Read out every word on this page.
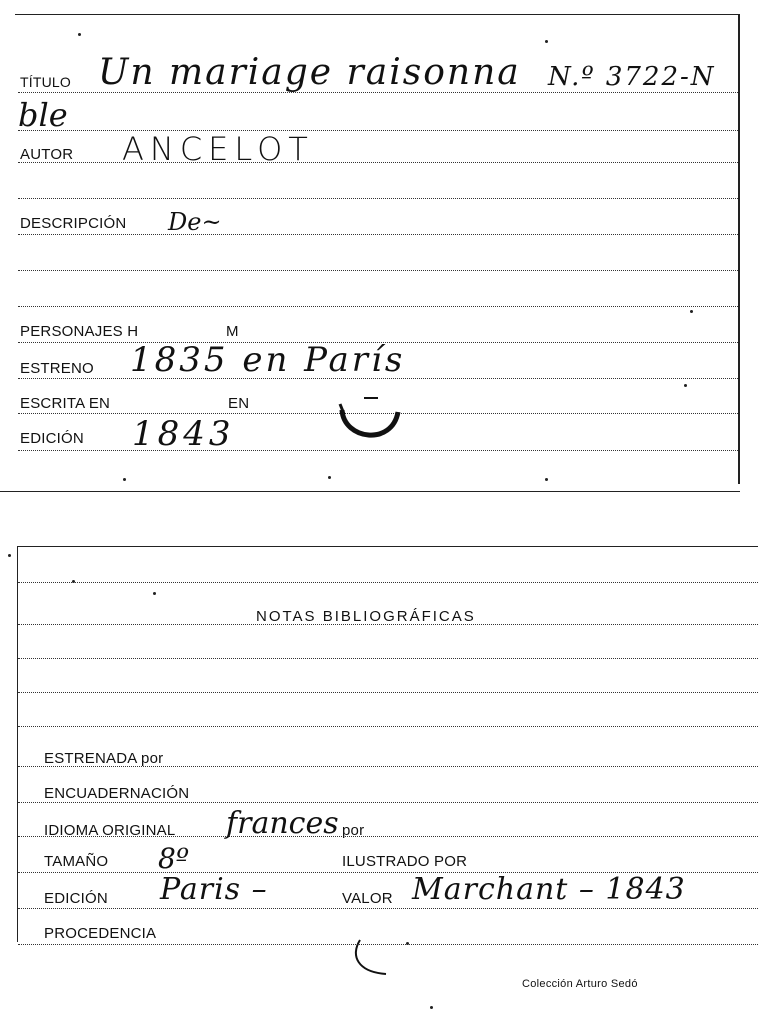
TÍTULO Un mariage raisonna N.º 3722-N
ble
AUTOR ANCELOT
DESCRIPCIÓN De~
PERSONAJES H	M
ESTRENO 1835 en París
ESCRITA EN	EN
EDICIÓN 1843
NOTAS BIBLIOGRÁFICAS
ESTRENADA por
ENCUADERNACIÓN
IDIOMA ORIGINAL frances por
TAMAÑO 8º	ILUSTRADO POR
EDICIÓN Paris –	VALOR Marchant – 1843
PROCEDENCIA
Colección Arturo Sedó
